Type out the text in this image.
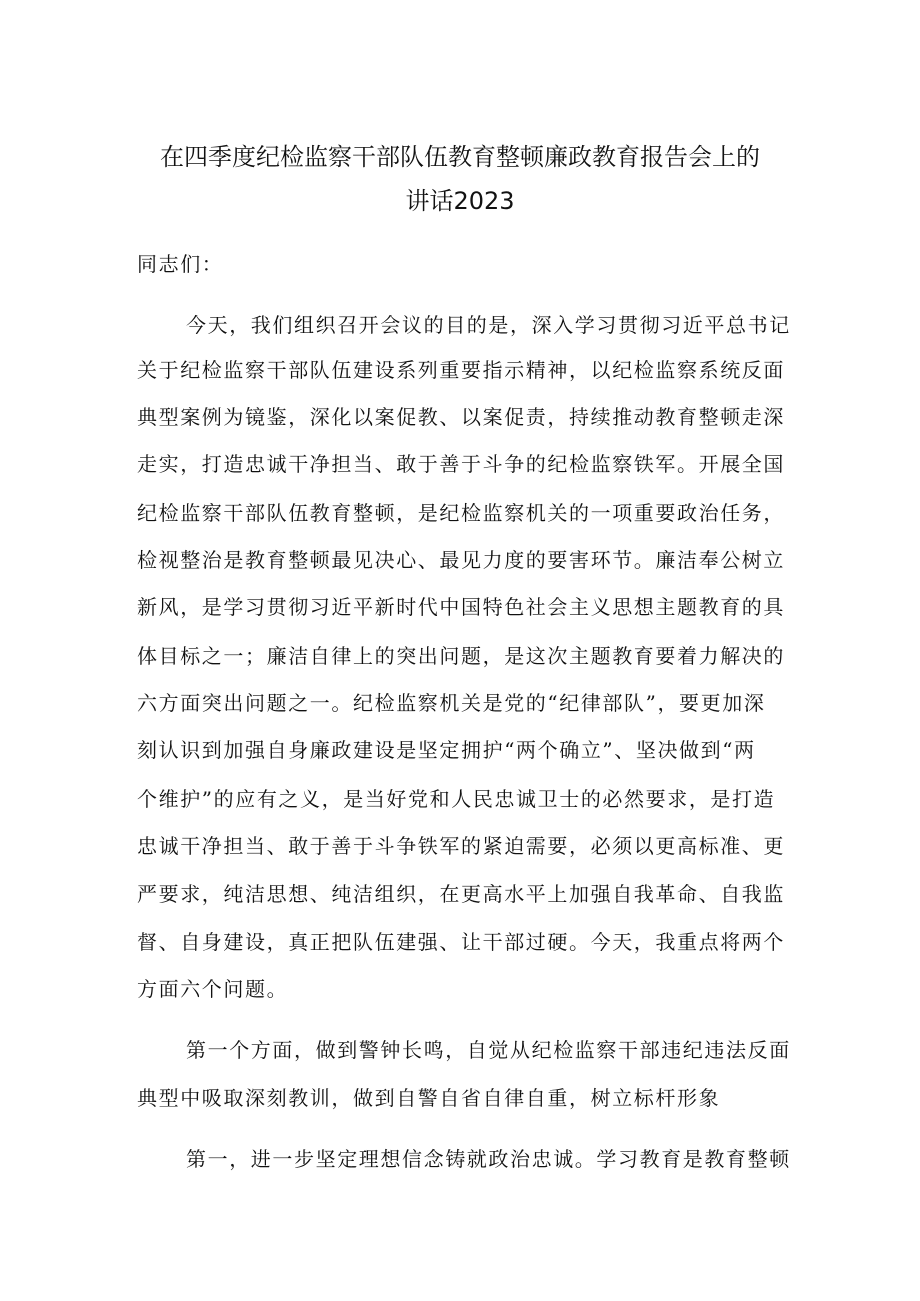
在四季度纪检监察干部队伍教育整顿廉政教育报告会上的
讲话2023

同志们：

今天，我们组织召开会议的目的是，深入学习贯彻习近平总书记

关于纪检监察干部队伍建设系列重要指示精神，以纪检监察系统反面

典型案例为镜鉴，深化以案促教、以案促责，持续推动教育整顿走深

走实，打造忠诚干净担当、敢于善于斗争的纪检监察铁军。开展全国

纪检监察干部队伍教育整顿，是纪检监察机关的一项重要政治任务，

检视整治是教育整顿最见决心、最见力度的要害环节。廉洁奉公树立

新风，是学习贯彻习近平新时代中国特色社会主义思想主题教育的具

体目标之一；廉洁自律上的突出问题，是这次主题教育要着力解决的

六方面突出问题之一。纪检监察机关是党的“纪律部队”，要更加深

刻认识到加强自身廉政建设是坚定拥护“两个确立”、坚决做到“两

个维护”的应有之义，是当好党和人民忠诚卫士的必然要求，是打造

忠诚干净担当、敢于善于斗争铁军的紧迫需要，必须以更高标准、更

严要求，纯洁思想、纯洁组织，在更高水平上加强自我革命、自我监

督、自身建设，真正把队伍建强、让干部过硬。今天，我重点将两个

方面六个问题。

第一个方面，做到警钟长鸣，自觉从纪检监察干部违纪违法反面

典型中吸取深刻教训，做到自警自省自律自重，树立标杆形象

第一，进一步坚定理想信念铸就政治忠诚。学习教育是教育整顿
